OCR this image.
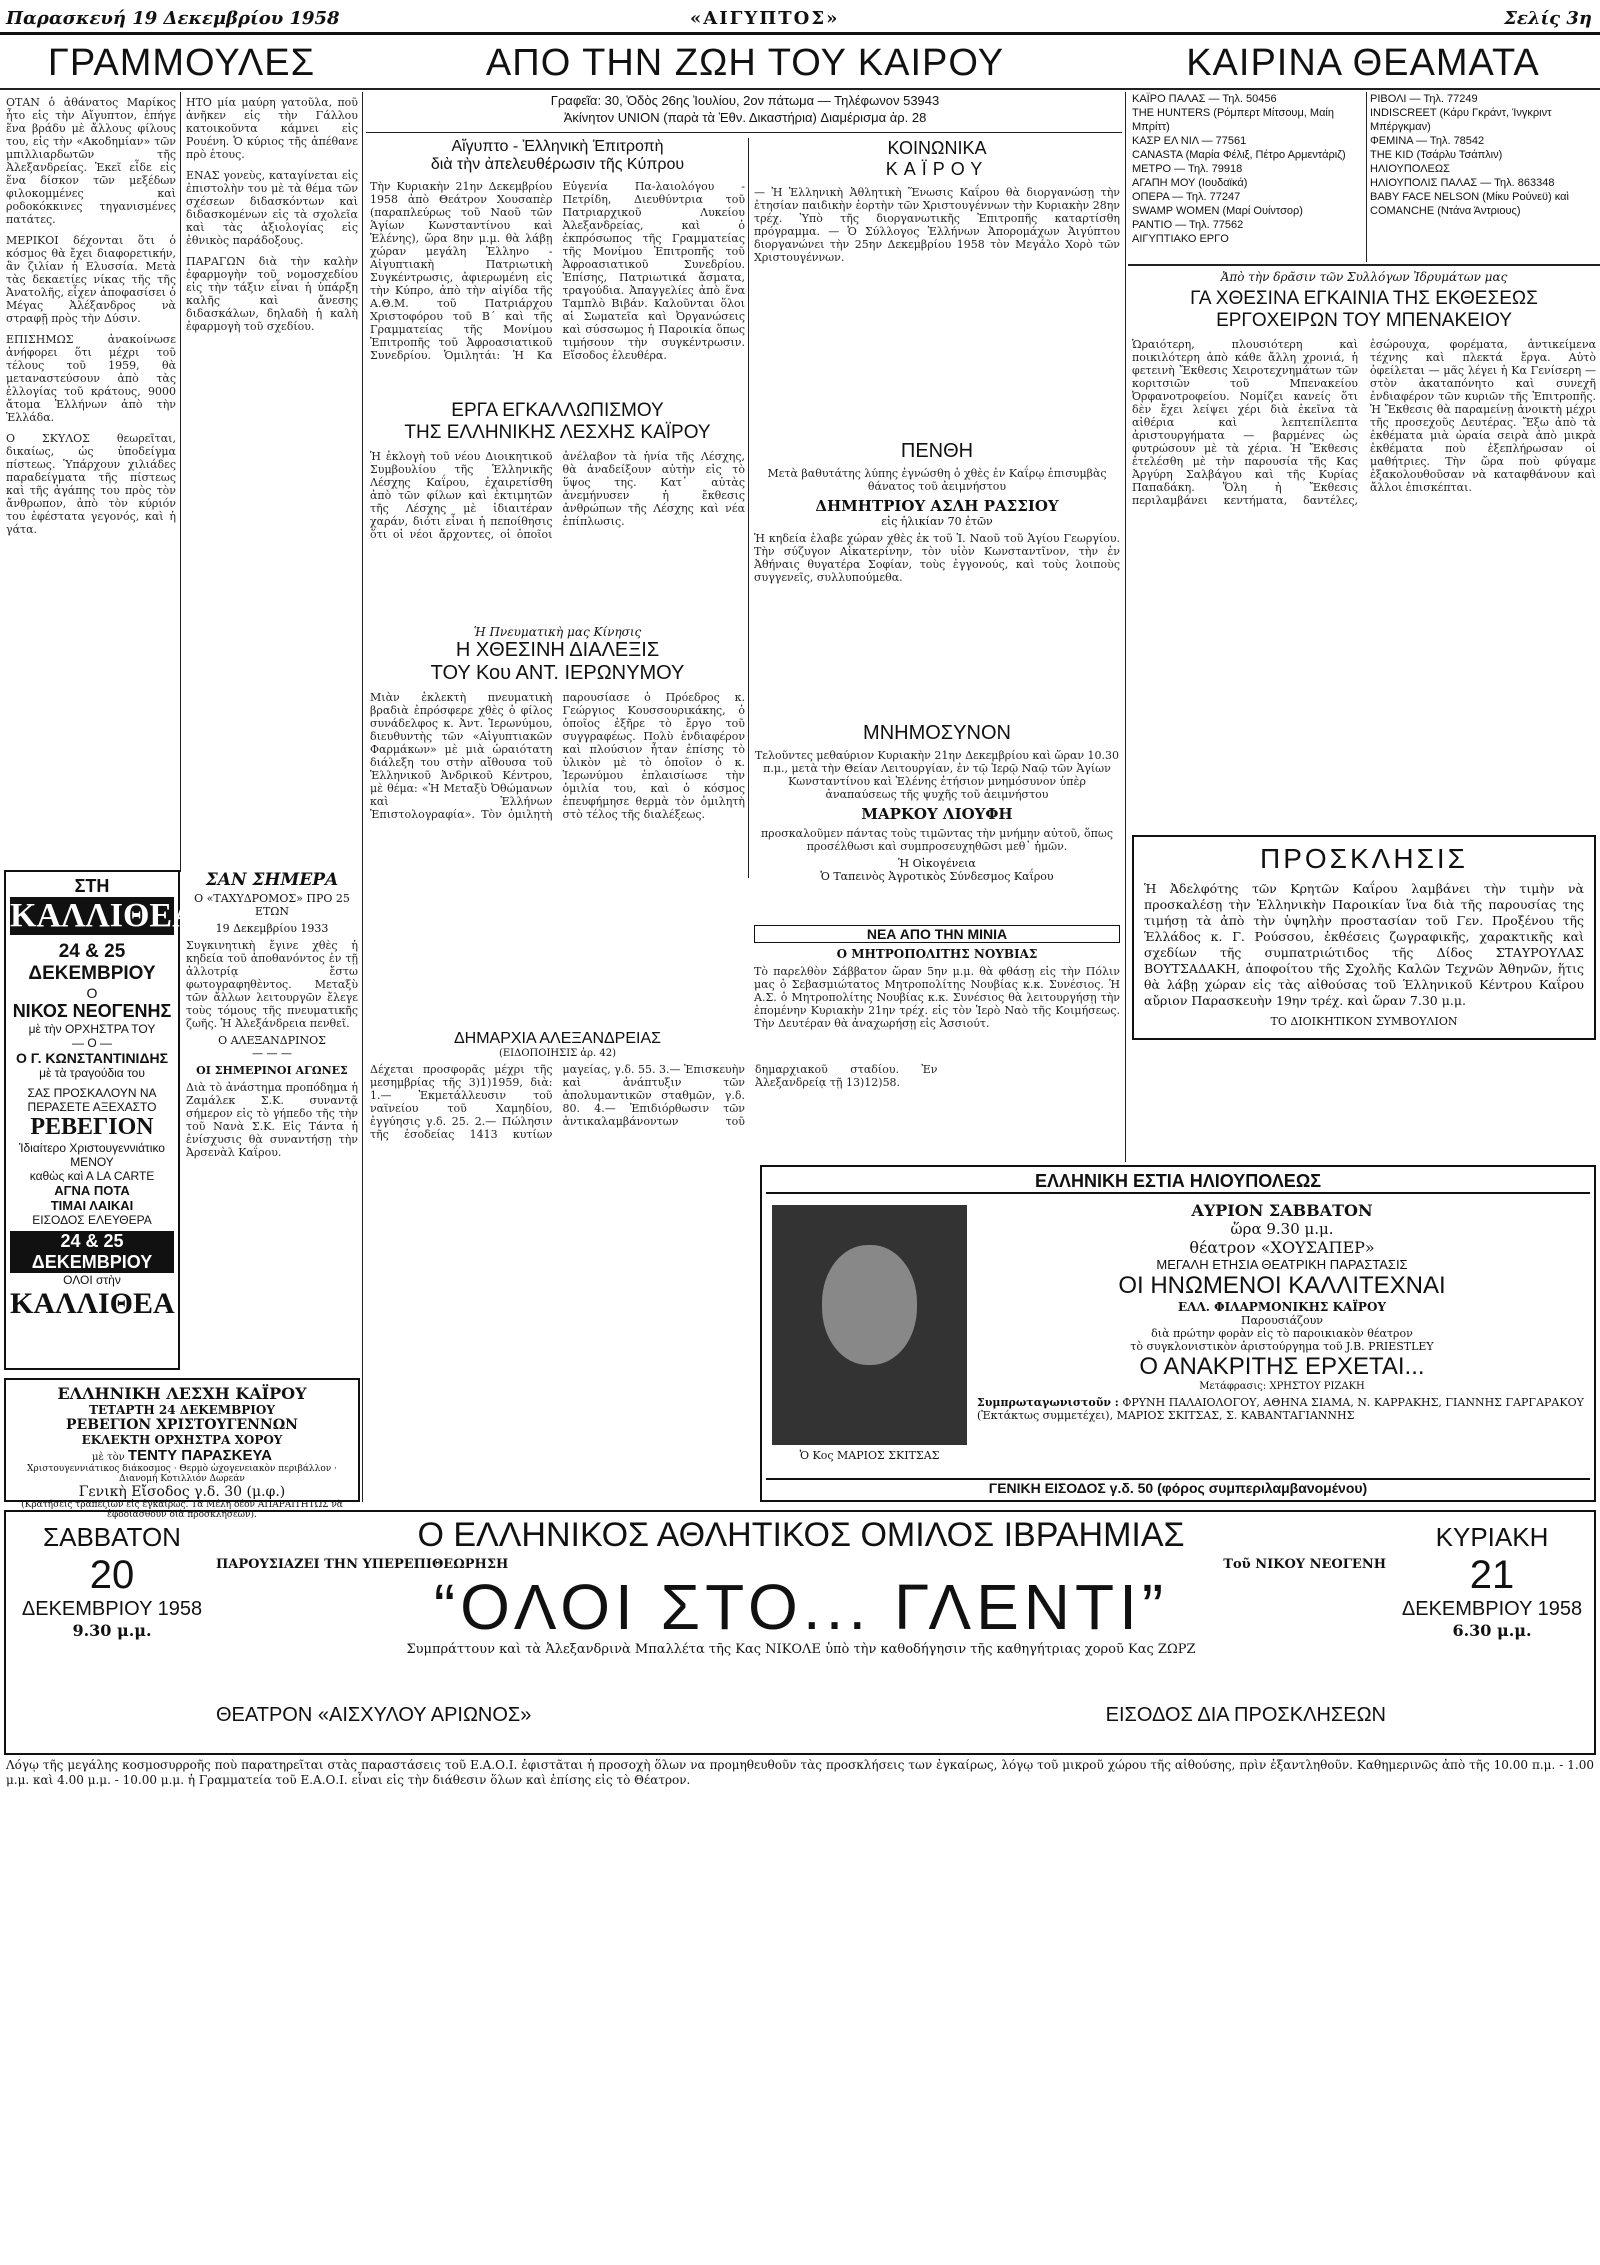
Παρασκευή 19 Δεκεμβρίου 1958	«ΑΙΓΥΠΤΟΣ»	Σελίς 3η
ΓΡΑΜΜΟΥΛΕΣ	ΑΠΟ ΤΗΝ ΖΩΗ ΤΟΥ ΚΑΙΡΟΥ	ΚΑΙΡΙΝΑ ΘΕΑΜΑΤΑ

ΟΤΑΝ ὁ ἀθάνατος Μαρίκος ἦτο εἰς τὴν Αἴγυπτον, ἐπήγε ἕνα βράδυ μὲ ἄλλους φίλους του, εἰς τὴν «Ακοδημίαν» τῶν μπιλλιαρδωτῶν τῆς Ἀλεξανδρείας. Ἐκεῖ εἶδε εἰς ἕνα δίσκον τῶν μεξέδων φιλοκομμένες καὶ ροδοκόκκινες τηγανισμένες πατάτες.

ΜΕΡΙΚΟΙ δέχονται ὅτι ὁ κόσμος θὰ ἔχει διαφορετικήν, ἂν ζιλίαν ἡ Ελυσσία. Μετὰ τὰς δεκαετίες νίκας τῆς τῆς Ἀνατολῆς, εἶχεν ἀποφασίσει ὁ Μέγας Ἀλέξανδρος νὰ στραφῇ πρὸς τὴν Δύσιν.

ΕΠΙΣΗΜΩΣ ἀνακοίνωσε ἀνήφορει ὅτι μέχρι τοῦ τέλους τοῦ 1959, θὰ μεταναστεύσουν ἀπὸ τὰς ἐλλογίας τοῦ κράτους, 9000 ἄτομα Ἑλλήνων ἀπὸ τὴν Ἑλλάδα.

Ο ΣΚΥΛΟΣ θεωρεῖται, δικαίως, ὡς ὑποδείγμα πίστεως. Ὑπάρχουν χιλιάδες παραδείγματα τῆς πίστεως καὶ τῆς ἀγάπης του πρὸς τὸν ἄνθρωπον, ἀπὸ τὸν κύριόν του ἐφέστατα γεγονός, καὶ ἡ γάτα.

ΗΤΟ μία μαύρη γατοῦλα, ποῦ ἀνῆκεν εἰς τὴν Γάλλου κατοικοῦντα κάμνει εἰς Ρουένη. Ὁ κύριος τῆς ἀπέθανε πρὸ ἐτους.

ΕΝΑΣ γονεὺς, καταγίνεται εἰς ἐπιστολὴν του μὲ τὰ θέμα τῶν σχέσεων διδασκόντων καὶ διδασκομένων εἰς τὰ σχολεῖα καὶ τὰς ἀξιολογίας εἰς ἐθνικὸς παράδοξους.

ΠΑΡΑΓΩΝ διὰ τὴν καλὴν ἐφαρμογὴν τοῦ νομοσχεδίου εἰς τὴν τάξιν εἶναι ἡ ὑπάρξη καλῆς καὶ ἄνεσης διδασκάλων, δηλαδὴ ἡ καλὴ ἐφαρμογὴ τοῦ σχεδίου.

ΣΤΗ
ΚΑΛΛΙΘΕΑ
24 & 25 ΔΕΚΕΜΒΡΙΟΥ
Ο
ΝΙΚΟΣ ΝΕΟΓΕΝΗΣ
μὲ τὴν ΟΡΧΗΣΤΡΑ ΤΟΥ
— Ο —
Ο Γ. ΚΩΝΣΤΑΝΤΙΝΙΔΗΣ
μὲ τὰ τραγούδια του
ΣΑΣ ΠΡΟΣΚΑΛΟΥΝ ΝΑ ΠΕΡΑΣΕΤΕ ΑΞΕΧΑΣΤΟ
ΡΕΒΕΓΙΟΝ
Ἰδιαίτερο Χριστουγεννιάτικο ΜΕΝΟΥ
καθὼς καὶ Α LA CARTE
ΑΓΝΑ ΠΟΤΑ
ΤΙΜΑΙ ΛΑΙΚΑΙ
ΕΙΣΟΔΟΣ ΕΛΕΥΘΕΡΑ
24 & 25 ΔΕΚΕΜΒΡΙΟΥ
ΟΛΟΙ στὴν
ΚΑΛΛΙΘΕΑ
ΣΑΝ ΣΗΜΕΡΑ
Ο «ΤΑΧΥΔΡΟΜΟΣ» ΠΡΟ 25 ΕΤΩΝ
19 Δεκεμβρίου 1933

Συγκινητικὴ ἔγινε χθὲς ἡ κηδεία τοῦ ἀποθανόντος ἐν τῇ ἀλλοτρίᾳ ἔστω φωτογραφηθὲντος. Μεταξὺ τῶν ἄλλων λειτουργῶν ἔλεγε τοὺς τόμους τῆς πνευματικῆς ζωῆς. Ἡ Ἀλεξάνδρεια πενθεῖ.

Ο ΑΛΕΞΑΝΔΡΙΝΟΣ
— — —
ΟΙ ΣΗΜΕΡΙΝΟΙ ΑΓΩΝΕΣ

Διὰ τὸ ἀνάστημα προπόδημα ἡ Ζαμάλεκ Σ.Κ. συναντᾷ σήμερον εἰς τὸ γήπεδο τῆς τὴν τοῦ Νανὰ Σ.Κ. Εἰς Τάντα ἡ ἐνίσχυσις θὰ συναντήσῃ τὴν Ἀρσενὰλ Καΐρου.

ΕΛΛΗΝΙΚΗ ΛΕΣΧΗ ΚΑΪΡΟΥ
ΤΕΤΑΡΤΗ 24 ΔΕΚΕΜΒΡΙΟΥ
ΡΕΒΕΓΙΟΝ ΧΡΙΣΤΟΥΓΕΝΝΩΝ
ΕΚΛΕΚΤΗ ΟΡΧΗΣΤΡΑ ΧΟΡΟΥ
μὲ τὸν ΤΕΝΤΥ ΠΑΡΑΣΚΕΥΑ
Χριστουγεννιάτικος διάκοσμος · Θερμὸ ὠχογενειακὸν περιβάλλον · Διανομή Κοτιλλιόν Δωρεάν
Γενικὴ Εἴσοδος γ.δ. 30 (μ.φ.)
(Κρατήσεις τραπεζιῶν εἰς ἐγκαίρως. Τὰ Μέλη δέον ΑΠΑΡΑΙΤΗΤΩΣ νὰ ἐφοδιασθοῦν διὰ προσκλήσεων).
Γραφεῖα: 30, Ὁδὸς 26ης Ἰουλίου, 2ον πάτωμα — Τηλέφωνον 53943
Ἀκίνητον UNION (παρὰ τὰ Ἐθν. Δικαστήρια) Διαμέρισμα ἀρ. 28
Αἴγυπτο - Ἑλληνικὴ Ἐπιτροπὴ
διὰ τὴν ἀπελευθέρωσιν τῆς Κύπρου

Τὴν Κυριακὴν 21ην Δεκεμβρίου 1958 ἀπὸ Θεάτρον Χουσαπὲρ (παραπλεύρως τοῦ Ναοῦ τῶν Ἁγίων Κωνσταντίνου καὶ Ἑλένης), ὥρα 8ην μ.μ. θὰ λάβῃ χώραν μεγάλη Ἑλληνο - Αἰγυπτιακὴ Πατριωτικὴ Συγκέντρωσις, ἀφιερωμένη εἰς τὴν Κύπρο, ἀπὸ τὴν αἰγίδα τῆς Α.Θ.Μ. τοῦ Πατριάρχου Χριστοφόρου τοῦ Β΄ καὶ τῆς Γραμματείας τῆς Μονίμου Ἐπιτροπῆς τοῦ Ἀφροασιατικοῦ Συνεδρίου. Ὁμιλητάι: Ἡ Κα Εὐγενία Πα-λαιολόγου - Πετρίδη, Διευθύντρια τοῦ Πατριαρχικοῦ Λυκείου Ἀλεξανδρείας, καὶ ὁ ἐκπρόσωπος τῆς Γραμματείας τῆς Μονίμου Ἐπιτροπῆς τοῦ Ἀφροασιατικοῦ Συνεδρίου. Ἐπίσης, Πατριωτικά ἄσματα, τραγούδια. Ἀπαγγελίες ἀπὸ ἕνα Ταμπλὸ Βιβάν. Καλοῦνται ὅλοι αἱ Σωματεῖα καὶ Ὀργανώσεις καὶ σύσσωμος ἡ Παροικία ὅπως τιμήσουν τὴν συγκέντρωσιν. Εἴσοδος ἐλευθέρα.

ΕΡΓΑ ΕΓΚΑΛΛΩΠΙΣΜΟΥ
ΤΗΣ ΕΛΛΗΝΙΚΗΣ ΛΕΣΧΗΣ ΚΑΪΡΟΥ

Ἡ ἐκλογὴ τοῦ νέου Διοικητικοῦ Συμβουλίου τῆς Ἑλληνικῆς Λέσχης Καΐρου, ἐχαιρετίσθη ἀπὸ τῶν φίλων καὶ ἐκτιμητῶν τῆς Λέσχης μὲ ἰδιαιτέραν χαράν, διότι εἶναι ἡ πεποίθησις ὅτι οἱ νέοι ἄρχοντες, οἱ ὁποῖοι ἀνέλαβον τὰ ἡνία τῆς Λέσχης, θὰ ἀναδείξουν αὐτὴν εἰς τὸ ὕψος της. Κατ᾽ αὐτὰς ἀνεμήνυσεν ἡ ἔκθεσις ἀνθρώπων τῆς Λέσχης καὶ νέα ἐπίπλωσις.

Ἡ Πνευματικὴ μας Κίνησις
Η ΧΘΕΣΙΝΗ ΔΙΑΛΕΞΙΣ
ΤΟΥ Κου ΑΝΤ. ΙΕΡΩΝΥΜΟΥ

Μιὰν ἐκλεκτὴ πνευματικὴ βραδιὰ ἐπρόσφερε χθὲς ὁ φίλος συνάδελφος κ. Ἀντ. Ἱερωνύμου, διευθυντὴς τῶν «Αἰγυπτιακῶν Φαρμάκων» μὲ μιὰ ὡραιότατη διάλεξη του στὴν αἴθουσα τοῦ Ἑλληνικοῦ Ἀνδρικοῦ Κέντρου, μὲ θέμα: «Ἡ Μεταξὺ Ὀθώμανων καὶ Ἑλλήνων Ἐπιστολογραφία». Τὸν ὁμιλητὴ παρουσίασε ὁ Πρόεδρος κ. Γεώργιος Κουσσουρικάκης, ὁ ὁποῖος ἐξῆρε τὸ ἔργο τοῦ συγγραφέως. Πολὺ ἐνδιαφέρον καὶ πλούσιον ἦταν ἐπίσης τὸ ὑλικὸν μὲ τὸ ὁποῖον ὁ κ. Ἱερωνύμου ἐπλαισίωσε τὴν ὁμιλία του, καὶ ὁ κόσμος ἐπευφήμησε θερμὰ τὸν ὁμιλητὴ στὸ τέλος τῆς διαλέξεως.

ΔΗΜΑΡΧΙΑ ΑΛΕΞΑΝΔΡΕΙΑΣ
(ΕΙΔΟΠΟΙΗΣΙΣ ἀρ. 42)

Δέχεται προσφορᾶς μέχρι τῆς μεσημβρίας τῆς 3)1)1959, διὰ: 1.— Ἐκμετάλλευσιν τοῦ ναϊνείου τοῦ Χαμηδίου, ἐγγύησις γ.δ. 25. 2.— Πώλησιν τῆς ἐσοδείας 1413 κυτίων μαγείας, γ.δ. 55. 3.— Ἐπισκευὴν καὶ ἀνάπτυξιν τῶν ἀπολυμαντικῶν σταθμῶν, γ.δ. 80. 4.— Ἐπιδιόρθωσιν τῶν ἀντικαλαμβάνοντων τοῦ δημαρχιακοῦ σταδίου. Ἐν Ἀλεξανδρείᾳ τῇ 13)12)58.

ΚΟΙΝΩΝΙΚΑ
ΚΑΪΡΟΥ

— Ἡ Ἑλληνικὴ Ἀθλητικὴ Ἕνωσις Καΐρου θὰ διοργανώσῃ τὴν ἐτησίαν παιδικὴν ἑορτὴν τῶν Χριστουγέννων τὴν Κυριακὴν 28ην τρέχ. Ὑπὸ τῆς διοργανωτικῆς Ἐπιτροπῆς καταρτίσθη πρόγραμμα. — Ὁ Σύλλογος Ἑλλήνων Ἀπορομάχων Ἀιγύπτου διοργανώνει τὴν 25ην Δεκεμβρίου 1958 τὸν Μεγάλο Χορὸ τῶν Χριστουγέννων.

ΠΕΝΘΗ

Μετὰ βαθυτάτης λύπης ἐγνώσθη ὁ χθὲς ἐν Καΐρῳ ἐπισυμβὰς θάνατος τοῦ ἀειμνήστου

ΔΗΜΗΤΡΙΟΥ ΑΣΛΗ ΡΑΣΣΙΟΥ
εἰς ἡλικίαν 70 ἐτῶν

Ἡ κηδεία ἐλαβε χώραν χθὲς ἐκ τοῦ Ἱ. Ναοῦ τοῦ Ἁγίου Γεωργίου. Τὴν σύζυγον Αἰκατερίνην, τὸν υἱὸν Κωνσταντῖνον, τὴν ἐν Ἀθήναις θυγατέρα Σοφίαν, τοὺς ἐγγονούς, καὶ τοὺς λοιποὺς συγγενεῖς, συλλυπούμεθα.

ΜΝΗΜΟΣΥΝΟΝ

Τελοῦντες μεθαύριον Κυριακὴν 21ην Δεκεμβρίου καὶ ὥραν 10.30 π.μ., μετὰ τὴν Θείαν Λειτουργίαν, ἐν τῷ Ἱερῷ Ναῷ τῶν Ἁγίων Κωνσταντίνου καὶ Ἑλένης ἐτήσιον μνημόσυνον ὑπὲρ ἀναπαύσεως τῆς ψυχῆς τοῦ ἀειμνήστου

ΜΑΡΚΟΥ ΛΙΟΥΦΗ

προσκαλοῦμεν πάντας τοὺς τιμῶντας τὴν μνήμην αὐτοῦ, ὅπως προσέλθωσι καὶ συμπροσευχηθῶσι μεθ᾽ ἡμῶν.

Ἡ Οἰκογένεια
Ὁ Ταπεινὸς Ἀγροτικὸς Σύνδεσμος Καΐρου
ΝΕΑ ΑΠΟ ΤΗΝ ΜΙΝΙΑ
Ο ΜΗΤΡΟΠΟΛΙΤΗΣ ΝΟΥΒΙΑΣ

Τὸ παρελθὸν Σάββατον ὥραν 5ην μ.μ. θὰ φθάσῃ εἰς τὴν Πόλιν μας ὁ Σεβασμιώτατος Μητροπολίτης Νουβίας κ.κ. Συνέσιος. Ἡ Α.Σ. ὁ Μητροπολίτης Νουβίας κ.κ. Συνέσιος θὰ λειτουργήσῃ τὴν ἐπομένην Κυριακὴν 21ην τρέχ. εἰς τὸν Ἱερὸ Ναὸ τῆς Κοιμήσεως. Τὴν Δευτέραν θὰ ἀναχωρήσῃ εἰς Ἀσσιούτ.

ΚΑΪΡΟ ΠΑΛΑΣ — Τηλ. 50456
THE HUNTERS (Ρόμπερτ Μίτσουμ, Μαίη Μπρίττ)
ΚΑΣΡ ΕΛ ΝΙΛ — 77561
CANASTA (Μαρία Φέλιξ, Πέτρο Αρμεντάριζ)
ΜΕΤΡΟ — Τηλ. 79918
ΑΓΑΠΗ ΜΟΥ (Ιουδαϊκά)
ΟΠΕΡΑ — Τηλ. 77247
SWAMP WOMEN (Μαρί Ουίντσορ)
ΡΑΝΤΙΟ — Τηλ. 77562
ΑΙΓΥΠΤΙΑΚΟ ΕΡΓΟ
ΡΙΒΟΛΙ — Τηλ. 77249
INDISCREET (Κάρυ Γκράντ, Ίνγκριντ Μπέργκμαν)
ΦΕΜΙΝΑ — Τηλ. 78542
THE KID (Τσάρλυ Τσάπλιν)
ΗΛΙΟΥΠΟΛΕΩΣ
ΗΛΙΟΥΠΟΛΙΣ ΠΑΛΑΣ — Τηλ. 863348
BABY FACE NELSON (Μίκυ Ρούνεϋ) καὶ COMANCHE (Ντάνα Άντριους)
Ἀπὸ τὴν δρᾶσιν τῶν Συλλόγων Ἰδρυμάτων μας
ΓΑ ΧΘΕΣΙΝΑ ΕΓΚΑΙΝΙΑ ΤΗΣ ΕΚΘΕΣΕΩΣ
ΕΡΓΟΧΕΙΡΩΝ ΤΟΥ ΜΠΕΝΑΚΕΙΟΥ

Ὡραιότερη, πλουσιότερη καὶ ποικιλότερη ἀπὸ κάθε ἄλλη χρονιά, ἡ φετεινὴ Ἔκθεσις Χειροτεχνημάτων τῶν κοριτσιῶν τοῦ Μπενακείου Ὀρφανοτροφείου. Νομίζει κανείς ὅτι δὲν ἔχει λείψει χέρι διὰ ἐκεῖνα τὰ αἰθέρια καὶ λεπτεπίλεπτα ἀριστουργήματα — βαρμένες ὡς φυτρώσουν μὲ τὰ χέρια. Ἡ Ἔκθεσις ἐτελέσθη μὲ τὴν παρουσία τῆς Κας Ἀργύρη Σαλβάγου καὶ τῆς Κυρίας Παπαδάκη. Ὅλη ἡ Ἔκθεσις περιλαμβάνει κεντήματα, δαντέλες, ἐσώρουχα, φορέματα, ἀντικείμενα τέχνης καὶ πλεκτά ἔργα. Αὐτὸ ὀφείλεται — μᾶς λέγει ἡ Κα Γενίσερη — στὸν ἀκαταπόνητο καὶ συνεχῆ ἐνδιαφέρον τῶν κυριῶν τῆς Ἐπιτροπῆς. Ἡ Ἔκθεσις θὰ παραμείνῃ ἀνοικτὴ μέχρι τῆς προσεχοῦς Δευτέρας. Ἔξω ἀπὸ τὰ ἐκθέματα μιὰ ὡραία σειρὰ ἀπὸ μικρὰ ἐκθέματα ποὺ ἐξεπλήρωσαν οἱ μαθήτριες. Τὴν ὥρα ποὺ φύγαμε ἐξακολουθοῦσαν νὰ καταφθάνουν καὶ ἄλλοι ἐπισκέπται.

ΠΡΟΣΚΛΗΣΙΣ

Ἡ Ἀδελφότης τῶν Κρητῶν Καΐρου λαμβάνει τὴν τιμὴν νὰ προσκαλέσῃ τὴν Ἑλληνικὴν Παροικίαν ἵνα διὰ τῆς παρουσίας της τιμήσῃ τὰ ἀπὸ τὴν ὑψηλὴν προστασίαν τοῦ Γεν. Προξένου τῆς Ἑλλάδος κ. Γ. Ρούσσου, ἐκθέσεις ζωγραφικῆς, χαρακτικῆς καὶ σχεδίων τῆς συμπατριώτιδος τῆς Δίδος ΣΤΑΥΡΟΥΛΑΣ ΒΟΥΤΣΑΔΑΚΗ, ἀποφοίτου τῆς Σχολῆς Καλῶν Τεχνῶν Ἀθηνῶν, ἥτις θὰ λάβῃ χώραν εἰς τὰς αἰθούσας τοῦ Ἑλληνικοῦ Κέντρου Καΐρου αὔριον Παρασκευὴν 19ην τρέχ. καὶ ὥραν 7.30 μ.μ.

ΤΟ ΔΙΟΙΚΗΤΙΚΟΝ ΣΥΜΒΟΥΛΙΟΝ
ΕΛΛΗΝΙΚΗ ΕΣΤΙΑ ΗΛΙΟΥΠΟΛΕΩΣ
Ὁ Κος ΜΑΡΙΟΣ ΣΚΙΤΣΑΣ
ΑΥΡΙΟΝ ΣΑΒΒΑΤΟΝ
ὥρα 9.30 μ.μ.
θέατρον «ΧΟΥΣΑΠΕΡ»
ΜΕΓΑΛΗ ΕΤΗΣΙΑ ΘΕΑΤΡΙΚΗ ΠΑΡΑΣΤΑΣΙΣ
ΟΙ ΗΝΩΜΕΝΟΙ ΚΑΛΛΙΤΕΧΝΑΙ
ΕΛΛ. ΦΙΛΑΡΜΟΝΙΚΗΣ ΚΑΪΡΟΥ
Παρουσιάζουν
διὰ πρώτην φορὰν εἰς τὸ παροικιακὸν θέατρον
τὸ συγκλονιστικὸν ἀριστούργημα τοῦ J.B. PRIESTLEY
Ο ΑΝΑΚΡΙΤΗΣ ΕΡΧΕΤΑΙ...
Μετάφρασις: ΧΡΗΣΤΟΥ ΡΙΖΑΚΗ
Συμπρωταγωνιστοῦν : ΦΡΥΝΗ ΠΑΛΑΙΟΛΟΓΟΥ, ΑΘΗΝΑ ΣΙΑΜΑ, Ν. ΚΑΡΡΑΚΗΣ, ΓΙΑΝΝΗΣ ΓΑΡΓΑΡΑΚΟΥ (Ἐκτάκτως συμμετέχει), ΜΑΡΙΟΣ ΣΚΙΤΣΑΣ, Σ. ΚΑΒΑΝΤΑΓΙΑΝΝΗΣ
ΓΕΝΙΚΗ ΕΙΣΟΔΟΣ γ.δ. 50 (φόρος συμπεριλαμβανομένου)
ΣΑΒΒΑΤΟΝ
20
ΔΕΚΕΜΒΡΙΟΥ 1958
9.30 μ.μ.
ΚΥΡΙΑΚΗ
21
ΔΕΚΕΜΒΡΙΟΥ 1958
6.30 μ.μ.
Ο ΕΛΛΗΝΙΚΟΣ ΑΘΛΗΤΙΚΟΣ ΟΜΙΛΟΣ ΙΒΡΑΗΜΙΑΣ
ΠΑΡΟΥΣΙΑΖΕΙ ΤΗΝ ΥΠΕΡΕΠΙΘΕΩΡΗΣΗ	Τοῦ ΝΙΚΟΥ ΝΕΟΓΕΝΗ
“ΟΛΟΙ ΣΤΟ... ΓΛΕΝΤΙ”
Συμπράττουν καὶ τὰ Ἀλεξανδρινὰ Μπαλλέτα τῆς Κας ΝΙΚΟΛΕ ὑπὸ τὴν καθοδήγησιν τῆς καθηγήτριας χοροῦ Κας ΖΩΡΖ
ΘΕΑΤΡΟΝ «ΑΙΣΧΥΛΟΥ ΑΡΙΩΝΟΣ»	ΕΙΣΟΔΟΣ ΔΙΑ ΠΡΟΣΚΛΗΣΕΩΝ
Λόγῳ τῆς μεγάλης κοσμοσυρροῆς ποὺ παρατηρεῖται στὰς παραστάσεις τοῦ Ε.Α.Ο.Ι. ἐφιστᾶται ἡ προσοχὴ ὅλων να προμηθευθοῦν τὰς προσκλήσεις των ἐγκαίρως, λόγῳ τοῦ μικροῦ χώρου τῆς αἰθούσης, πρὶν ἐξαντληθοῦν. Καθημερινῶς ἀπὸ τῆς 10.00 π.μ. - 1.00 μ.μ. καὶ 4.00 μ.μ. - 10.00 μ.μ. ἡ Γραμματεία τοῦ Ε.Α.Ο.Ι. εἶναι εἰς τὴν διάθεσιν ὅλων καὶ ἐπίσης εἰς τὸ Θέατρον.
